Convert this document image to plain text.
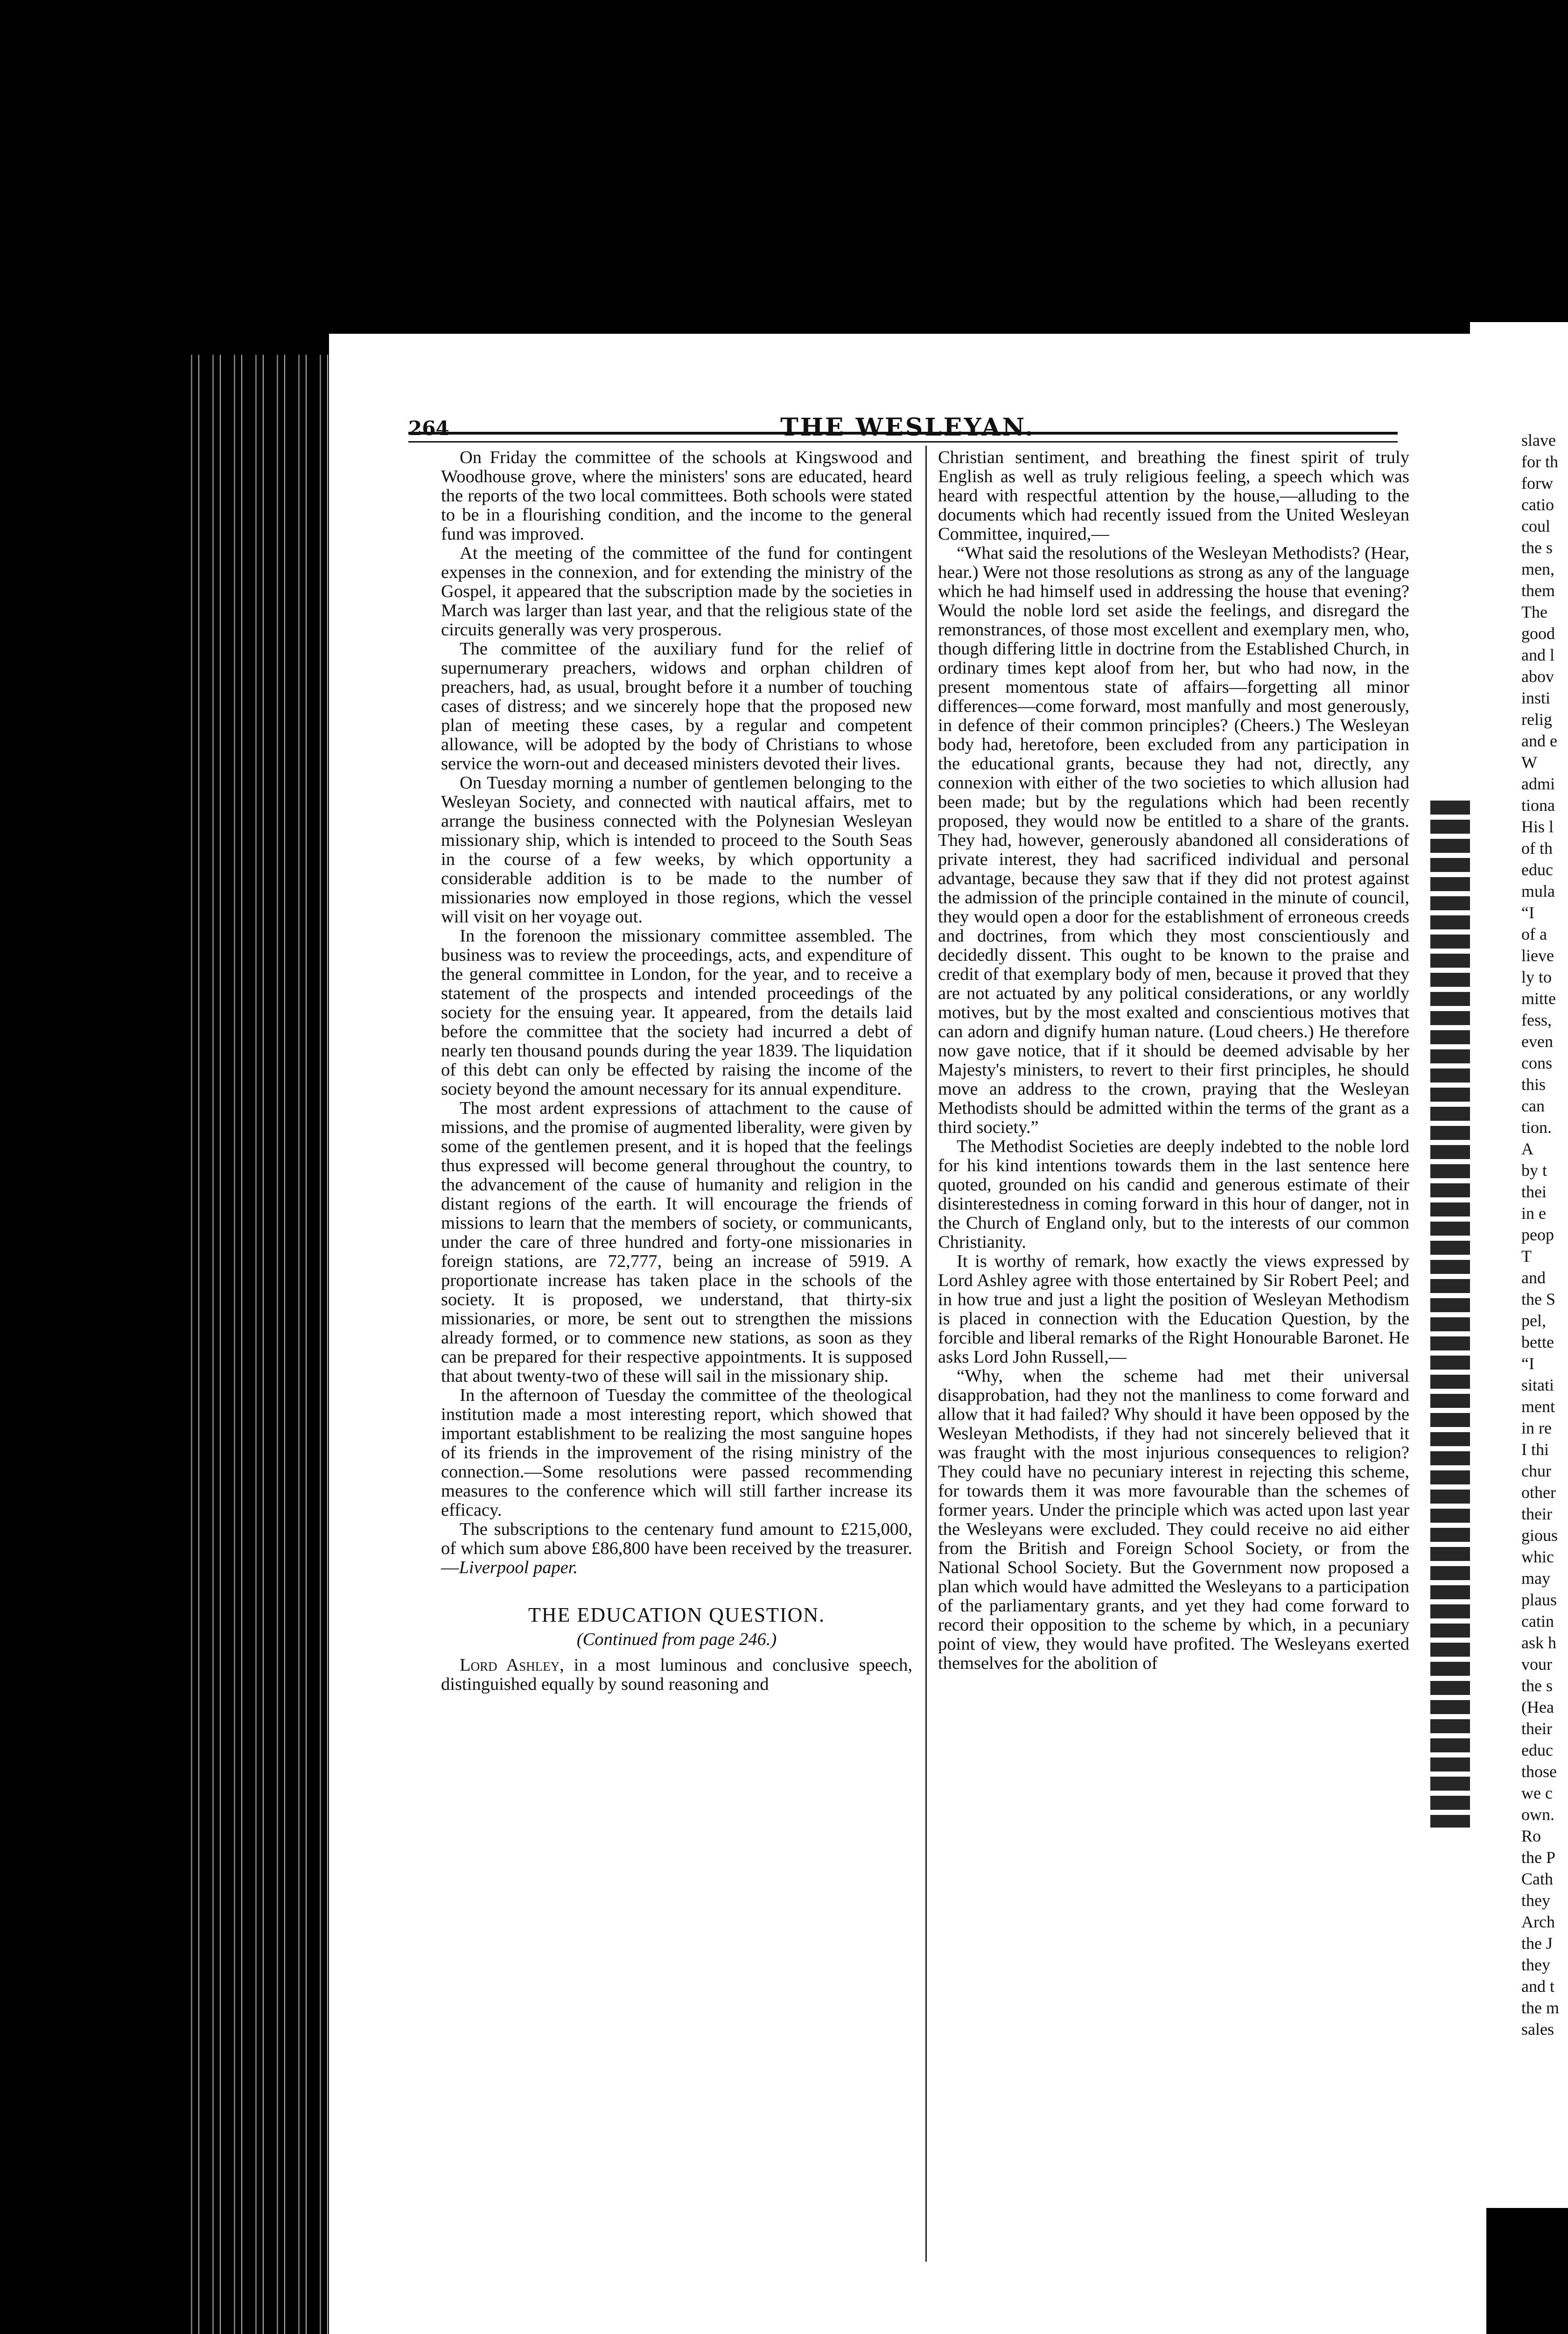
264	THE WESLEYAN.

On Friday the committee of the schools at Kingswood and Woodhouse grove, where the ministers' sons are educated, heard the reports of the two local committees. Both schools were stated to be in a flourishing condition, and the income to the general fund was improved.

At the meeting of the committee of the fund for contingent expenses in the connexion, and for extending the ministry of the Gospel, it appeared that the subscription made by the societies in March was larger than last year, and that the religious state of the circuits generally was very prosperous.

The committee of the auxiliary fund for the relief of supernumerary preachers, widows and orphan children of preachers, had, as usual, brought before it a number of touching cases of distress; and we sincerely hope that the proposed new plan of meeting these cases, by a regular and competent allowance, will be adopted by the body of Christians to whose service the worn-out and deceased ministers devoted their lives.

On Tuesday morning a number of gentlemen belonging to the Wesleyan Society, and connected with nautical affairs, met to arrange the business connected with the Polynesian Wesleyan missionary ship, which is intended to proceed to the South Seas in the course of a few weeks, by which opportunity a considerable addition is to be made to the number of missionaries now employed in those regions, which the vessel will visit on her voyage out.

In the forenoon the missionary committee assembled. The business was to review the proceedings, acts, and expenditure of the general committee in London, for the year, and to receive a statement of the prospects and intended proceedings of the society for the ensuing year. It appeared, from the details laid before the committee that the society had incurred a debt of nearly ten thousand pounds during the year 1839. The liquidation of this debt can only be effected by raising the income of the society beyond the amount necessary for its annual expenditure.

The most ardent expressions of attachment to the cause of missions, and the promise of augmented liberality, were given by some of the gentlemen present, and it is hoped that the feelings thus expressed will become general throughout the country, to the advancement of the cause of humanity and religion in the distant regions of the earth. It will encourage the friends of missions to learn that the members of society, or communicants, under the care of three hundred and forty-one missionaries in foreign stations, are 72,777, being an increase of 5919. A proportionate increase has taken place in the schools of the society. It is proposed, we understand, that thirty-six missionaries, or more, be sent out to strengthen the missions already formed, or to commence new stations, as soon as they can be prepared for their respective appointments. It is supposed that about twenty-two of these will sail in the missionary ship.

In the afternoon of Tuesday the committee of the theological institution made a most interesting report, which showed that important establishment to be realizing the most sanguine hopes of its friends in the improvement of the rising ministry of the connection.—Some resolutions were passed recommending measures to the conference which will still farther increase its efficacy.

The subscriptions to the centenary fund amount to £215,000, of which sum above £86,800 have been received by the treasurer.—Liverpool paper.

THE EDUCATION QUESTION.

(Continued from page 246.)

Lord Ashley, in a most luminous and conclusive speech, distinguished equally by sound reasoning and

Christian sentiment, and breathing the finest spirit of truly English as well as truly religious feeling, a speech which was heard with respectful attention by the house,—alluding to the documents which had recently issued from the United Wesleyan Committee, inquired,—

“What said the resolutions of the Wesleyan Methodists? (Hear, hear.) Were not those resolutions as strong as any of the language which he had himself used in addressing the house that evening? Would the noble lord set aside the feelings, and disregard the remonstrances, of those most excellent and exemplary men, who, though differing little in doctrine from the Established Church, in ordinary times kept aloof from her, but who had now, in the present momentous state of affairs—forgetting all minor differences—come forward, most manfully and most generously, in defence of their common principles? (Cheers.) The Wesleyan body had, heretofore, been excluded from any participation in the educational grants, because they had not, directly, any connexion with either of the two societies to which allusion had been made; but by the regulations which had been recently proposed, they would now be entitled to a share of the grants. They had, however, generously abandoned all considerations of private interest, they had sacrificed individual and personal advantage, because they saw that if they did not protest against the admission of the principle contained in the minute of council, they would open a door for the establishment of erroneous creeds and doctrines, from which they most conscientiously and decidedly dissent. This ought to be known to the praise and credit of that exemplary body of men, because it proved that they are not actuated by any political considerations, or any worldly motives, but by the most exalted and conscientious motives that can adorn and dignify human nature. (Loud cheers.) He therefore now gave notice, that if it should be deemed advisable by her Majesty's ministers, to revert to their first principles, he should move an address to the crown, praying that the Wesleyan Methodists should be admitted within the terms of the grant as a third society.”

The Methodist Societies are deeply indebted to the noble lord for his kind intentions towards them in the last sentence here quoted, grounded on his candid and generous estimate of their disinterestedness in coming forward in this hour of danger, not in the Church of England only, but to the interests of our common Christianity.

It is worthy of remark, how exactly the views expressed by Lord Ashley agree with those entertained by Sir Robert Peel; and in how true and just a light the position of Wesleyan Methodism is placed in connection with the Education Question, by the forcible and liberal remarks of the Right Honourable Baronet. He asks Lord John Russell,—

“Why, when the scheme had met their universal disapprobation, had they not the manliness to come forward and allow that it had failed? Why should it have been opposed by the Wesleyan Methodists, if they had not sincerely believed that it was fraught with the most injurious consequences to religion? They could have no pecuniary interest in rejecting this scheme, for towards them it was more favourable than the schemes of former years. Under the principle which was acted upon last year the Wesleyans were excluded. They could receive no aid either from the British and Foreign School Society, or from the National School Society. But the Government now proposed a plan which would have admitted the Wesleyans to a participation of the parliamentary grants, and yet they had come forward to record their opposition to the scheme by which, in a pecuniary point of view, they would have profited. The Wesleyans exerted themselves for the abolition of

slave
for th
forw
catio
coul
the s
men,
them
The
good
and l
abov
insti
relig
and e
W
admi
tiona
His l
of th
educ
mula
“I
of a
lieve
ly to
mitte
fess,
even
cons
this
can
tion.
A
by t
thei
in e
peop
T
and
the S
pel,
bette
“I
sitati
ment
in re
I thi
chur
other
their
gious
whic
may
plaus
catin
ask h
vour
the s
(Hea
their
educ
those
we c
own.
Ro
the P
Cath
they
Arch
the J
they
and t
the m
sales
